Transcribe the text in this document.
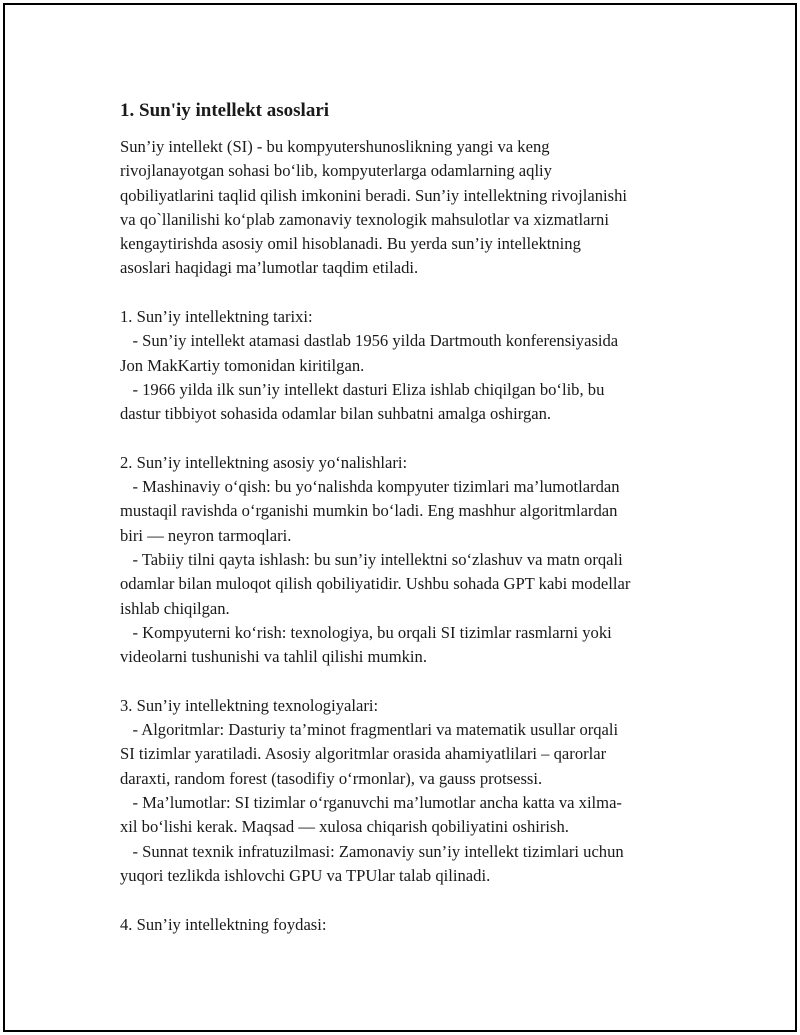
1. Sun'iy intellekt asoslari
Sun’iy intellekt (SI) - bu kompyutershunoslikning yangi va keng
rivojlanayotgan sohasi bo‘lib, kompyuterlarga odamlarning aqliy
qobiliyatlarini taqlid qilish imkonini beradi. Sun’iy intellektning rivojlanishi
va qo`llanilishi ko‘plab zamonaviy texnologik mahsulotlar va xizmatlarni
kengaytirishda asosiy omil hisoblanadi. Bu yerda sun’iy intellektning
asoslari haqidagi ma’lumotlar taqdim etiladi.
1. Sun’iy intellektning tarixi:
- Sun’iy intellekt atamasi dastlab 1956 yilda Dartmouth konferensiyasida
Jon MakKartiy tomonidan kiritilgan.
- 1966 yilda ilk sun’iy intellekt dasturi Eliza ishlab chiqilgan bo‘lib, bu
dastur tibbiyot sohasida odamlar bilan suhbatni amalga oshirgan.
2. Sun’iy intellektning asosiy yo‘nalishlari:
- Mashinaviy o‘qish: bu yo‘nalishda kompyuter tizimlari ma’lumotlardan
mustaqil ravishda o‘rganishi mumkin bo‘ladi. Eng mashhur algoritmlardan
biri — neyron tarmoqlari.
- Tabiiy tilni qayta ishlash: bu sun’iy intellektni so‘zlashuv va matn orqali
odamlar bilan muloqot qilish qobiliyatidir. Ushbu sohada GPT kabi modellar
ishlab chiqilgan.
- Kompyuterni ko‘rish: texnologiya, bu orqali SI tizimlar rasmlarni yoki
videolarni tushunishi va tahlil qilishi mumkin.
3. Sun’iy intellektning texnologiyalari:
- Algoritmlar: Dasturiy ta’minot fragmentlari va matematik usullar orqali
SI tizimlar yaratiladi. Asosiy algoritmlar orasida ahamiyatlilari – qarorlar
daraxti, random forest (tasodifiy o‘rmonlar), va gauss protsessi.
- Ma’lumotlar: SI tizimlar o‘rganuvchi ma’lumotlar ancha katta va xilma-
xil bo‘lishi kerak. Maqsad — xulosa chiqarish qobiliyatini oshirish.
- Sunnat texnik infratuzilmasi: Zamonaviy sun’iy intellekt tizimlari uchun
yuqori tezlikda ishlovchi GPU va TPUlar talab qilinadi.
4. Sun’iy intellektning foydasi:
